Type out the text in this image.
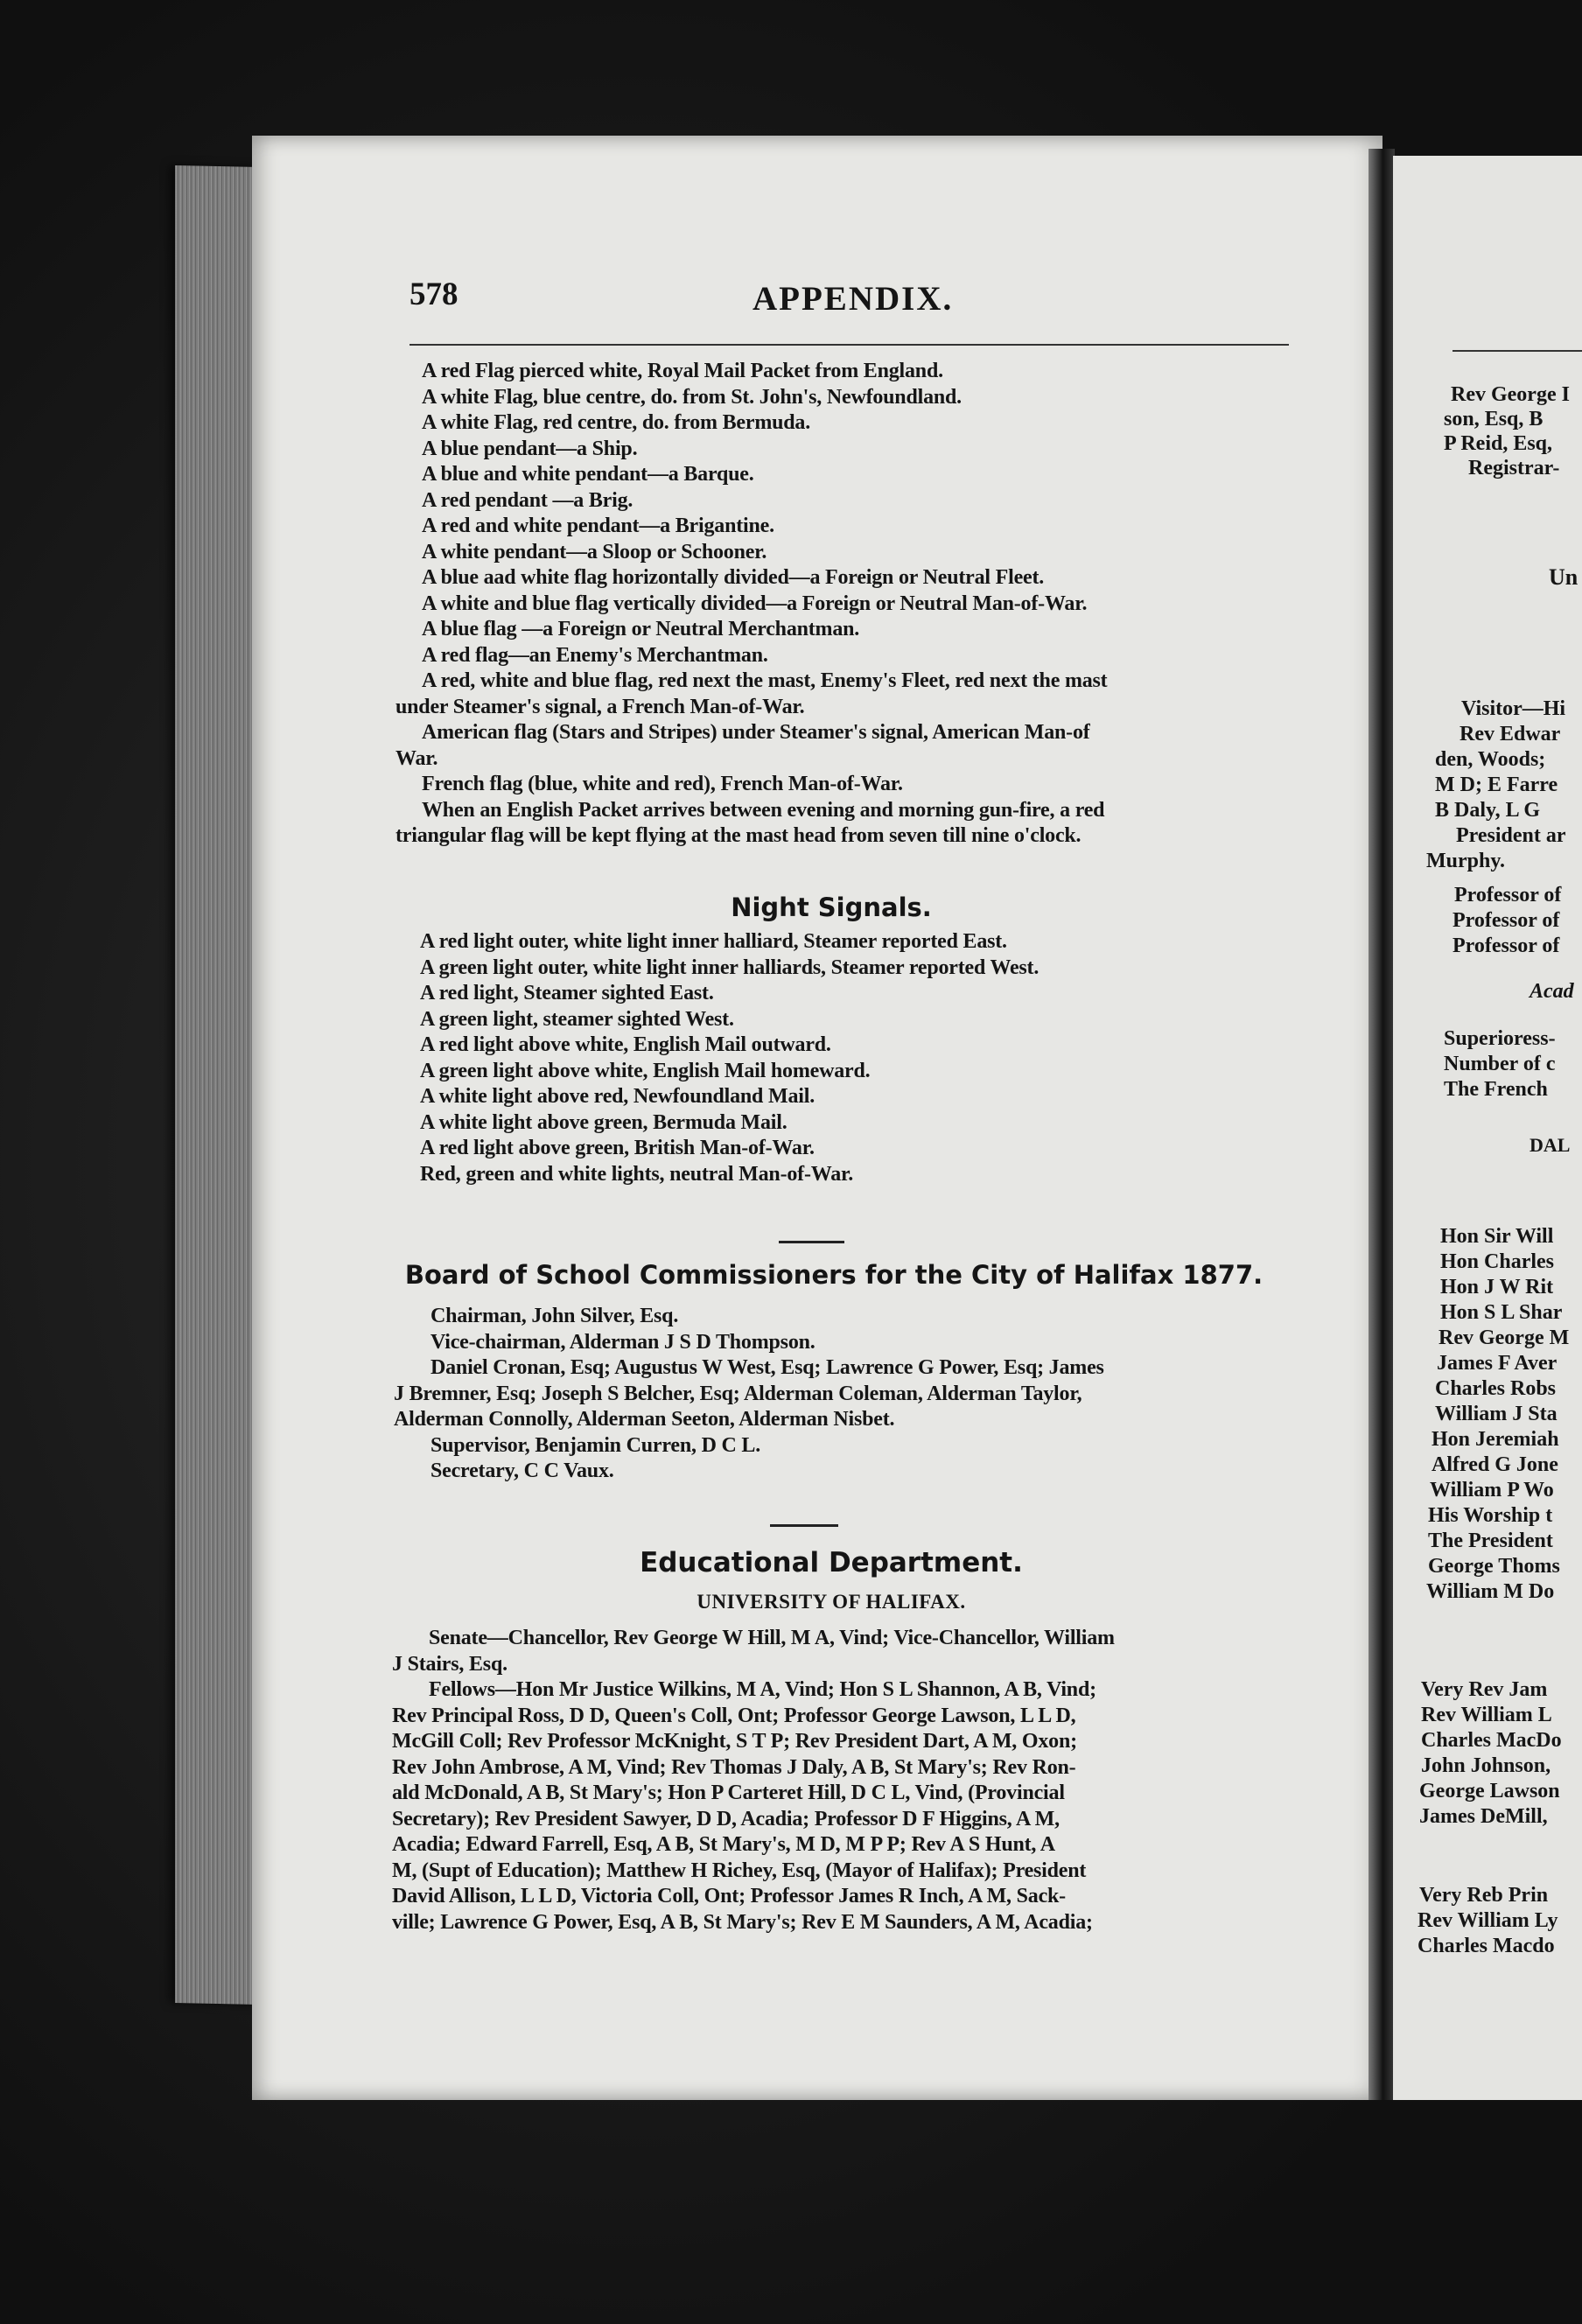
578	APPENDIX.
A red Flag pierced white, Royal Mail Packet from England.
A white Flag, blue centre, do. from St. John's, Newfoundland.
A white Flag, red centre, do. from Bermuda.
A blue pendant—a Ship.
A blue and white pendant—a Barque.
A red pendant —a Brig.
A red and white pendant—a Brigantine.
A white pendant—a Sloop or Schooner.
A blue aad white flag horizontally divided—a Foreign or Neutral Fleet.
A white and blue flag vertically divided—a Foreign or Neutral Man-of-War.
A blue flag —a Foreign or Neutral Merchantman.
A red flag—an Enemy's Merchantman.
A red, white and blue flag, red next the mast, Enemy's Fleet, red next the mast
under Steamer's signal, a French Man-of-War.
American flag (Stars and Stripes) under Steamer's signal, American Man-of
War.
French flag (blue, white and red), French Man-of-War.
When an English Packet arrives between evening and morning gun-fire, a red
triangular flag will be kept flying at the mast head from seven till nine o'clock.
Night Signals.
A red light outer, white light inner halliard, Steamer reported East.
A green light outer, white light inner halliards, Steamer reported West.
A red light, Steamer sighted East.
A green light, steamer sighted West.
A red light above white, English Mail outward.
A green light above white, English Mail homeward.
A white light above red, Newfoundland Mail.
A white light above green, Bermuda Mail.
A red light above green, British Man-of-War.
Red, green and white lights, neutral Man-of-War.
Board of School Commissioners for the City of Halifax 1877.
Chairman, John Silver, Esq.
Vice-chairman, Alderman J S D Thompson.
Daniel Cronan, Esq; Augustus W West, Esq; Lawrence G Power, Esq; James
J Bremner, Esq; Joseph S Belcher, Esq; Alderman Coleman, Alderman Taylor,
Alderman Connolly, Alderman Seeton, Alderman Nisbet.
Supervisor, Benjamin Curren, D C L.
Secretary, C C Vaux.
Educational Department.
UNIVERSITY OF HALIFAX.
Senate—Chancellor, Rev George W Hill, M A, Vind; Vice-Chancellor, William
J Stairs, Esq.
Fellows—Hon Mr Justice Wilkins, M A, Vind; Hon S L Shannon, A B, Vind;
Rev Principal Ross, D D, Queen's Coll, Ont; Professor George Lawson, L L D,
McGill Coll; Rev Professor McKnight, S T P; Rev President Dart, A M, Oxon;
Rev John Ambrose, A M, Vind; Rev Thomas J Daly, A B, St Mary's; Rev Ron-
ald McDonald, A B, St Mary's; Hon P Carteret Hill, D C L, Vind, (Provincial
Secretary); Rev President Sawyer, D D, Acadia; Professor D F Higgins, A M,
Acadia; Edward Farrell, Esq, A B, St Mary's, M D, M P P; Rev A S Hunt, A
M, (Supt of Education); Matthew H Richey, Esq, (Mayor of Halifax); President
David Allison, L L D, Victoria Coll, Ont; Professor James R Inch, A M, Sack-
ville; Lawrence G Power, Esq, A B, St Mary's; Rev E M Saunders, A M, Acadia;
Rev George I
son, Esq, B
P Reid, Esq,
Registrar-
Un
Visitor—Hi
Rev Edwar
den, Woods;
M D; E Farre
B Daly, L G
President ar
Murphy.
Professor of
Professor of
Professor of
Acad
Superioress-
Number of c
The French
DAL
Hon Sir Will
Hon Charles
Hon J W Rit
Hon S L Shar
Rev George M
James F Aver
Charles Robs
William J Sta
Hon Jeremiah
Alfred G Jone
William P Wo
His Worship t
The President
George Thoms
William M Do
Very Rev Jam
Rev William L
Charles MacDo
John Johnson,
George Lawson
James DeMill,
Very Reb Prin
Rev William Ly
Charles Macdo
